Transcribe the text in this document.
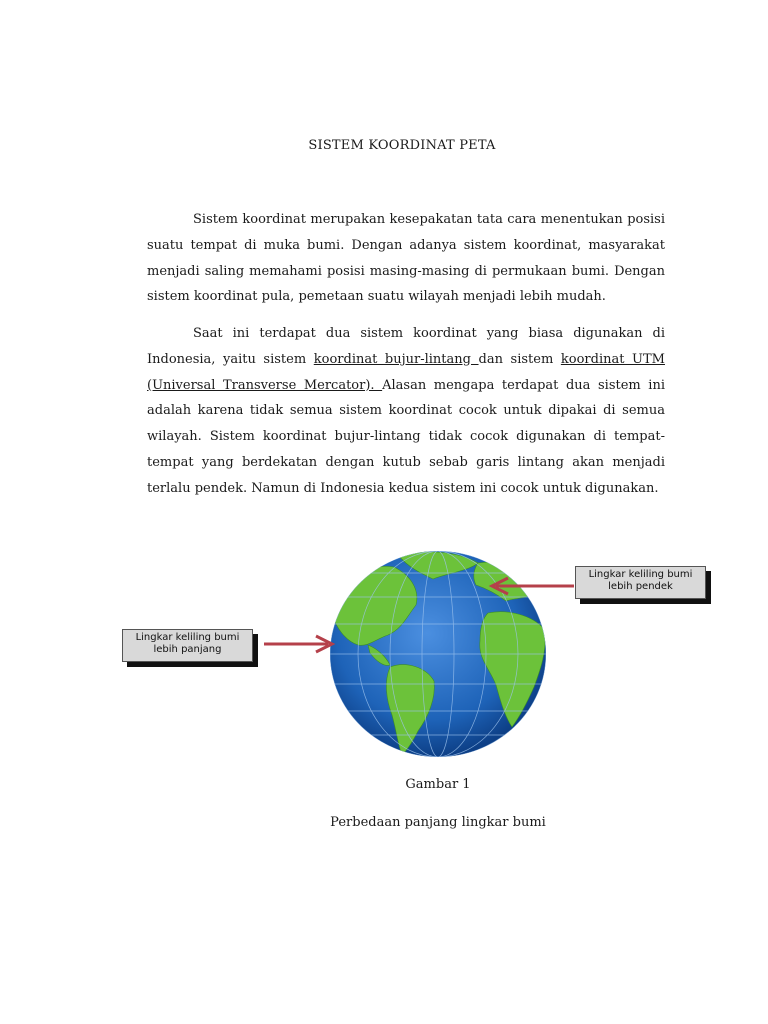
SISTEM KOORDINAT PETA
Sistem koordinat merupakan kesepakatan tata cara menentukan posisi suatu tempat di muka bumi. Dengan adanya sistem koordinat, masyarakat menjadi saling memahami posisi masing-masing di permukaan bumi. Dengan sistem koordinat pula, pemetaan suatu wilayah menjadi lebih mudah.
Saat ini terdapat dua sistem koordinat yang biasa digunakan di Indonesia, yaitu sistem koordinat bujur-lintang dan sistem koordinat UTM (Universal Transverse Mercator). Alasan mengapa terdapat dua sistem ini adalah karena tidak semua sistem koordinat cocok untuk dipakai di semua wilayah. Sistem koordinat bujur-lintang tidak cocok digunakan di tempat-tempat yang berdekatan dengan kutub sebab garis lintang akan menjadi terlalu pendek. Namun di Indonesia kedua sistem ini cocok untuk digunakan.
Lingkar keliling bumi lebih panjang
Lingkar keliling bumi lebih pendek
Gambar 1
Perbedaan panjang lingkar bumi
